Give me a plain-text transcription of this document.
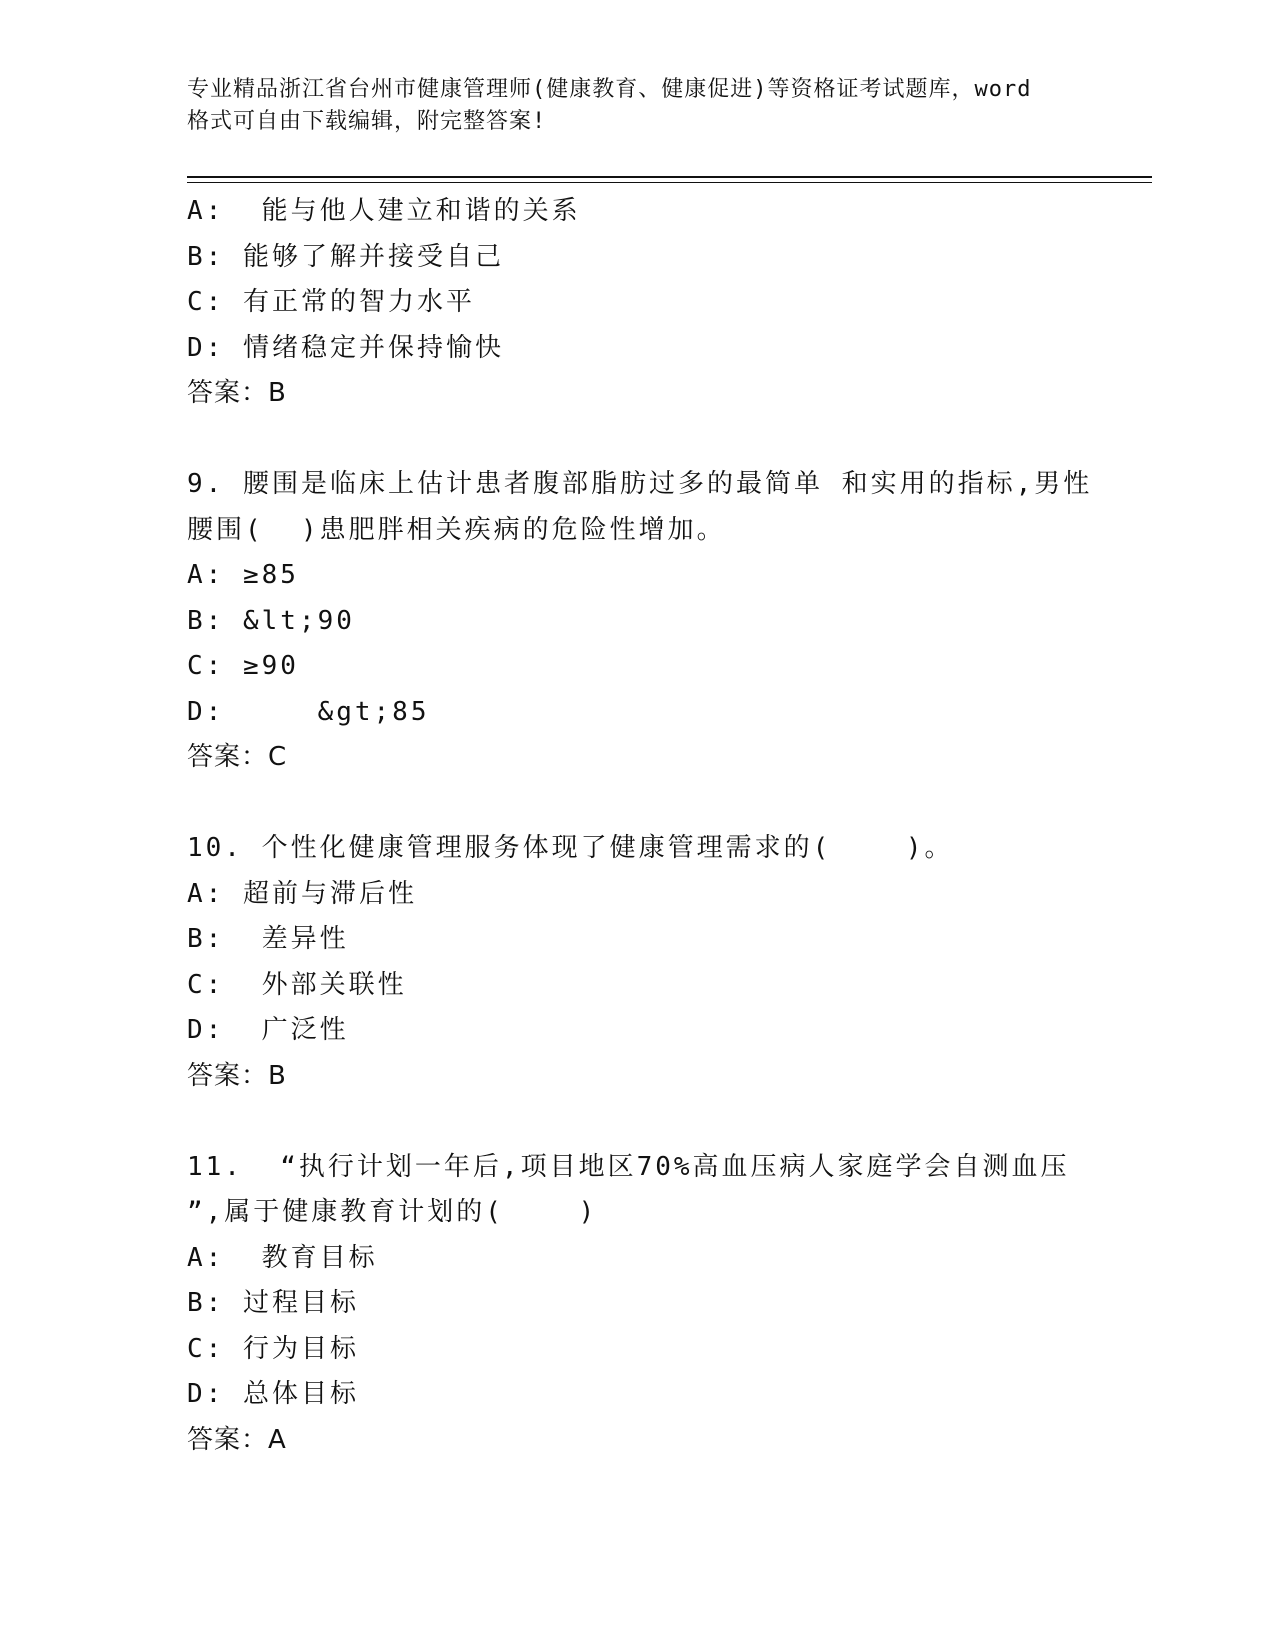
专业精品浙江省台州市健康管理师(健康教育、健康促进)等资格证考试题库，word
格式可自由下载编辑，附完整答案!
A:  能与他人建立和谐的关系
B: 能够了解并接受自己
C: 有正常的智力水平
D: 情绪稳定并保持愉快
答案：B
9. 腰围是临床上估计患者腹部脂肪过多的最简单 和实用的指标,男性
腰围(  )患肥胖相关疾病的危险性增加。
A: ≥85
B: &lt;90
C: ≥90
D:     &gt;85
答案：C
10. 个性化健康管理服务体现了健康管理需求的(    )。
A: 超前与滞后性
B:  差异性
C:  外部关联性
D:  广泛性
答案：B
11.  “执行计划一年后,项目地区70%高血压病人家庭学会自测血压
”,属于健康教育计划的(    )
A:  教育目标
B: 过程目标
C: 行为目标
D: 总体目标
答案：A
